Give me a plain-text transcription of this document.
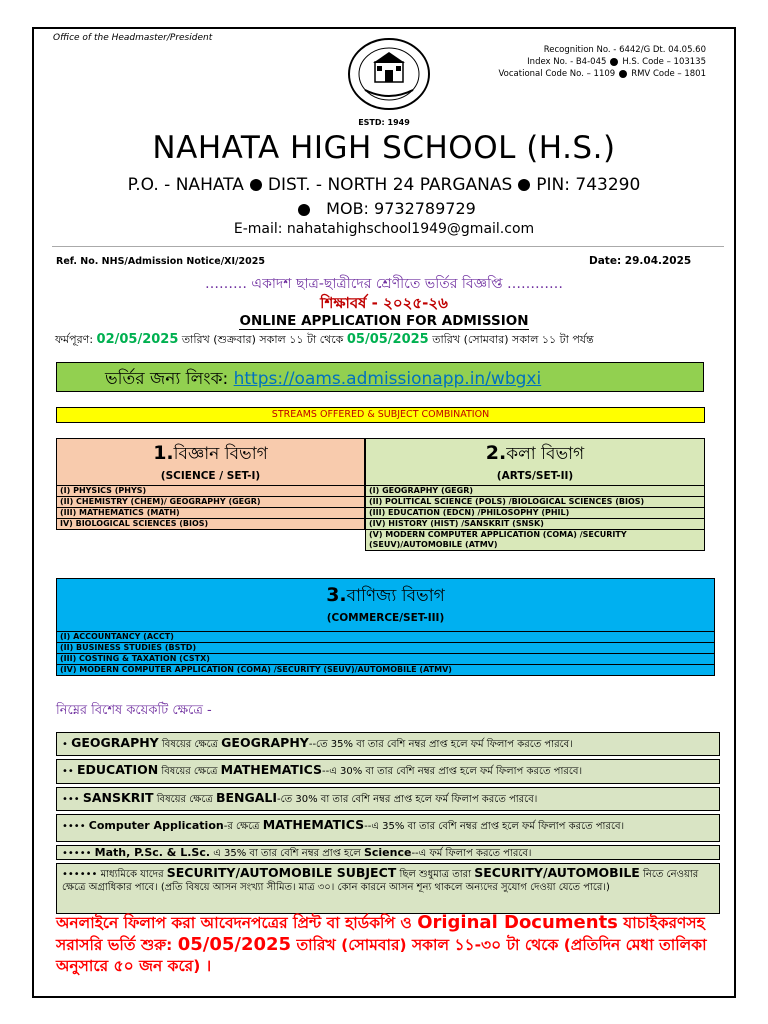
Office of the Headmaster/President
Recognition No. - 6442/G Dt. 04.05.60
Index No. - B4-045 H.S. Code – 103135
Vocational Code No. – 1109 RMV Code – 1801
ESTD: 1949
NAHATA HIGH SCHOOL (H.S.)
P.O. - NAHATA DIST. - NORTH 24 PARGANAS PIN: 743290
MOB: 9732789729
E-mail: nahatahighschool1949@gmail.com
Ref. No. NHS/Admission Notice/XI/2025	Date: 29.04.2025
……… একাদশ ছাত্র-ছাত্রীদের শ্রেণীতে ভর্তির বিজ্ঞপ্তি …………
শিক্ষাবর্ষ - ২০২৫-২৬
ONLINE APPLICATION FOR ADMISSION
ফর্মপূরণ: 02/05/2025 তারিখ (শুক্রবার) সকাল ১১ টা থেকে 05/05/2025 তারিখ (সোমবার) সকাল ১১ টা পর্যন্ত
ভর্তির জন্য লিংক: https://oams.admissionapp.in/wbgxi
STREAMS OFFERED & SUBJECT COMBINATION
1.বিজ্ঞান বিভাগ
(SCIENCE / SET-I)
2.কলা বিভাগ
(ARTS/SET-II)
(I) PHYSICS (PHYS)
(II) CHEMISTRY (CHEM)/ GEOGRAPHY (GEGR)
(III) MATHEMATICS (MATH)
IV) BIOLOGICAL SCIENCES (BIOS)
(I) GEOGRAPHY (GEGR)
(II) POLITICAL SCIENCE (POLS) /BIOLOGICAL SCIENCES (BIOS)
(III) EDUCATION (EDCN) /PHILOSOPHY (PHIL)
(IV) HISTORY (HIST) /SANSKRIT (SNSK)
(V) MODERN COMPUTER APPLICATION (COMA) /SECURITY (SEUV)/AUTOMOBILE (ATMV)
3.বাণিজ্য বিভাগ
(COMMERCE/SET-III)
(I) ACCOUNTANCY (ACCT)
(II) BUSINESS STUDIES (BSTD)
(III) COSTING & TAXATION (CSTX)
(IV) MODERN COMPUTER APPLICATION (COMA) /SECURITY (SEUV)/AUTOMOBILE (ATMV)
নিম্নের বিশেষ কয়েকটি ক্ষেত্রে -
• GEOGRAPHY বিষয়ের ক্ষেত্রে GEOGRAPHY--তে 35% বা তার বেশি নম্বর প্রাপ্ত হলে ফর্ম ফিলাপ করতে পারবে।
•• EDUCATION বিষয়ের ক্ষেত্রে MATHEMATICS--এ 30% বা তার বেশি নম্বর প্রাপ্ত হলে ফর্ম ফিলাপ করতে পারবে।
••• SANSKRIT বিষয়ের ক্ষেত্রে BENGALI-তে 30% বা তার বেশি নম্বর প্রাপ্ত হলে ফর্ম ফিলাপ করতে পারবে।
•••• Computer Application-র ক্ষেত্রে MATHEMATICS--এ 35% বা তার বেশি নম্বর প্রাপ্ত হলে ফর্ম ফিলাপ করতে পারবে।
••••• Math, P.Sc. & L.Sc. এ 35% বা তার বেশি নম্বর প্রাপ্ত হলে Science--এ ফর্ম ফিলাপ করতে পারবে।
•••••• মাধ্যমিকে যাদের SECURITY/AUTOMOBILE SUBJECT ছিল শুধুমাত্র তারা SECURITY/AUTOMOBILE নিতে নেওয়ার ক্ষেত্রে অগ্রাধিকার পাবে। (প্রতি বিষয়ে আসন সংখ্যা সীমিত। মাত্র ৩০। কোন কারনে আসন শূন্য থাকলে অন্যদের সুযোগ দেওয়া যেতে পারে।)
অনলাইনে ফিলাপ করা আবেদনপত্রের প্রিন্ট বা হার্ডকপি ও Original Documents যাচাইকরণসহ সরাসরি ভর্তি শুরু: 05/05/2025 তারিখ (সোমবার) সকাল ১১-৩০ টা থেকে (প্রতিদিন মেধা তালিকা অনুসারে ৫০ জন করে) ।
